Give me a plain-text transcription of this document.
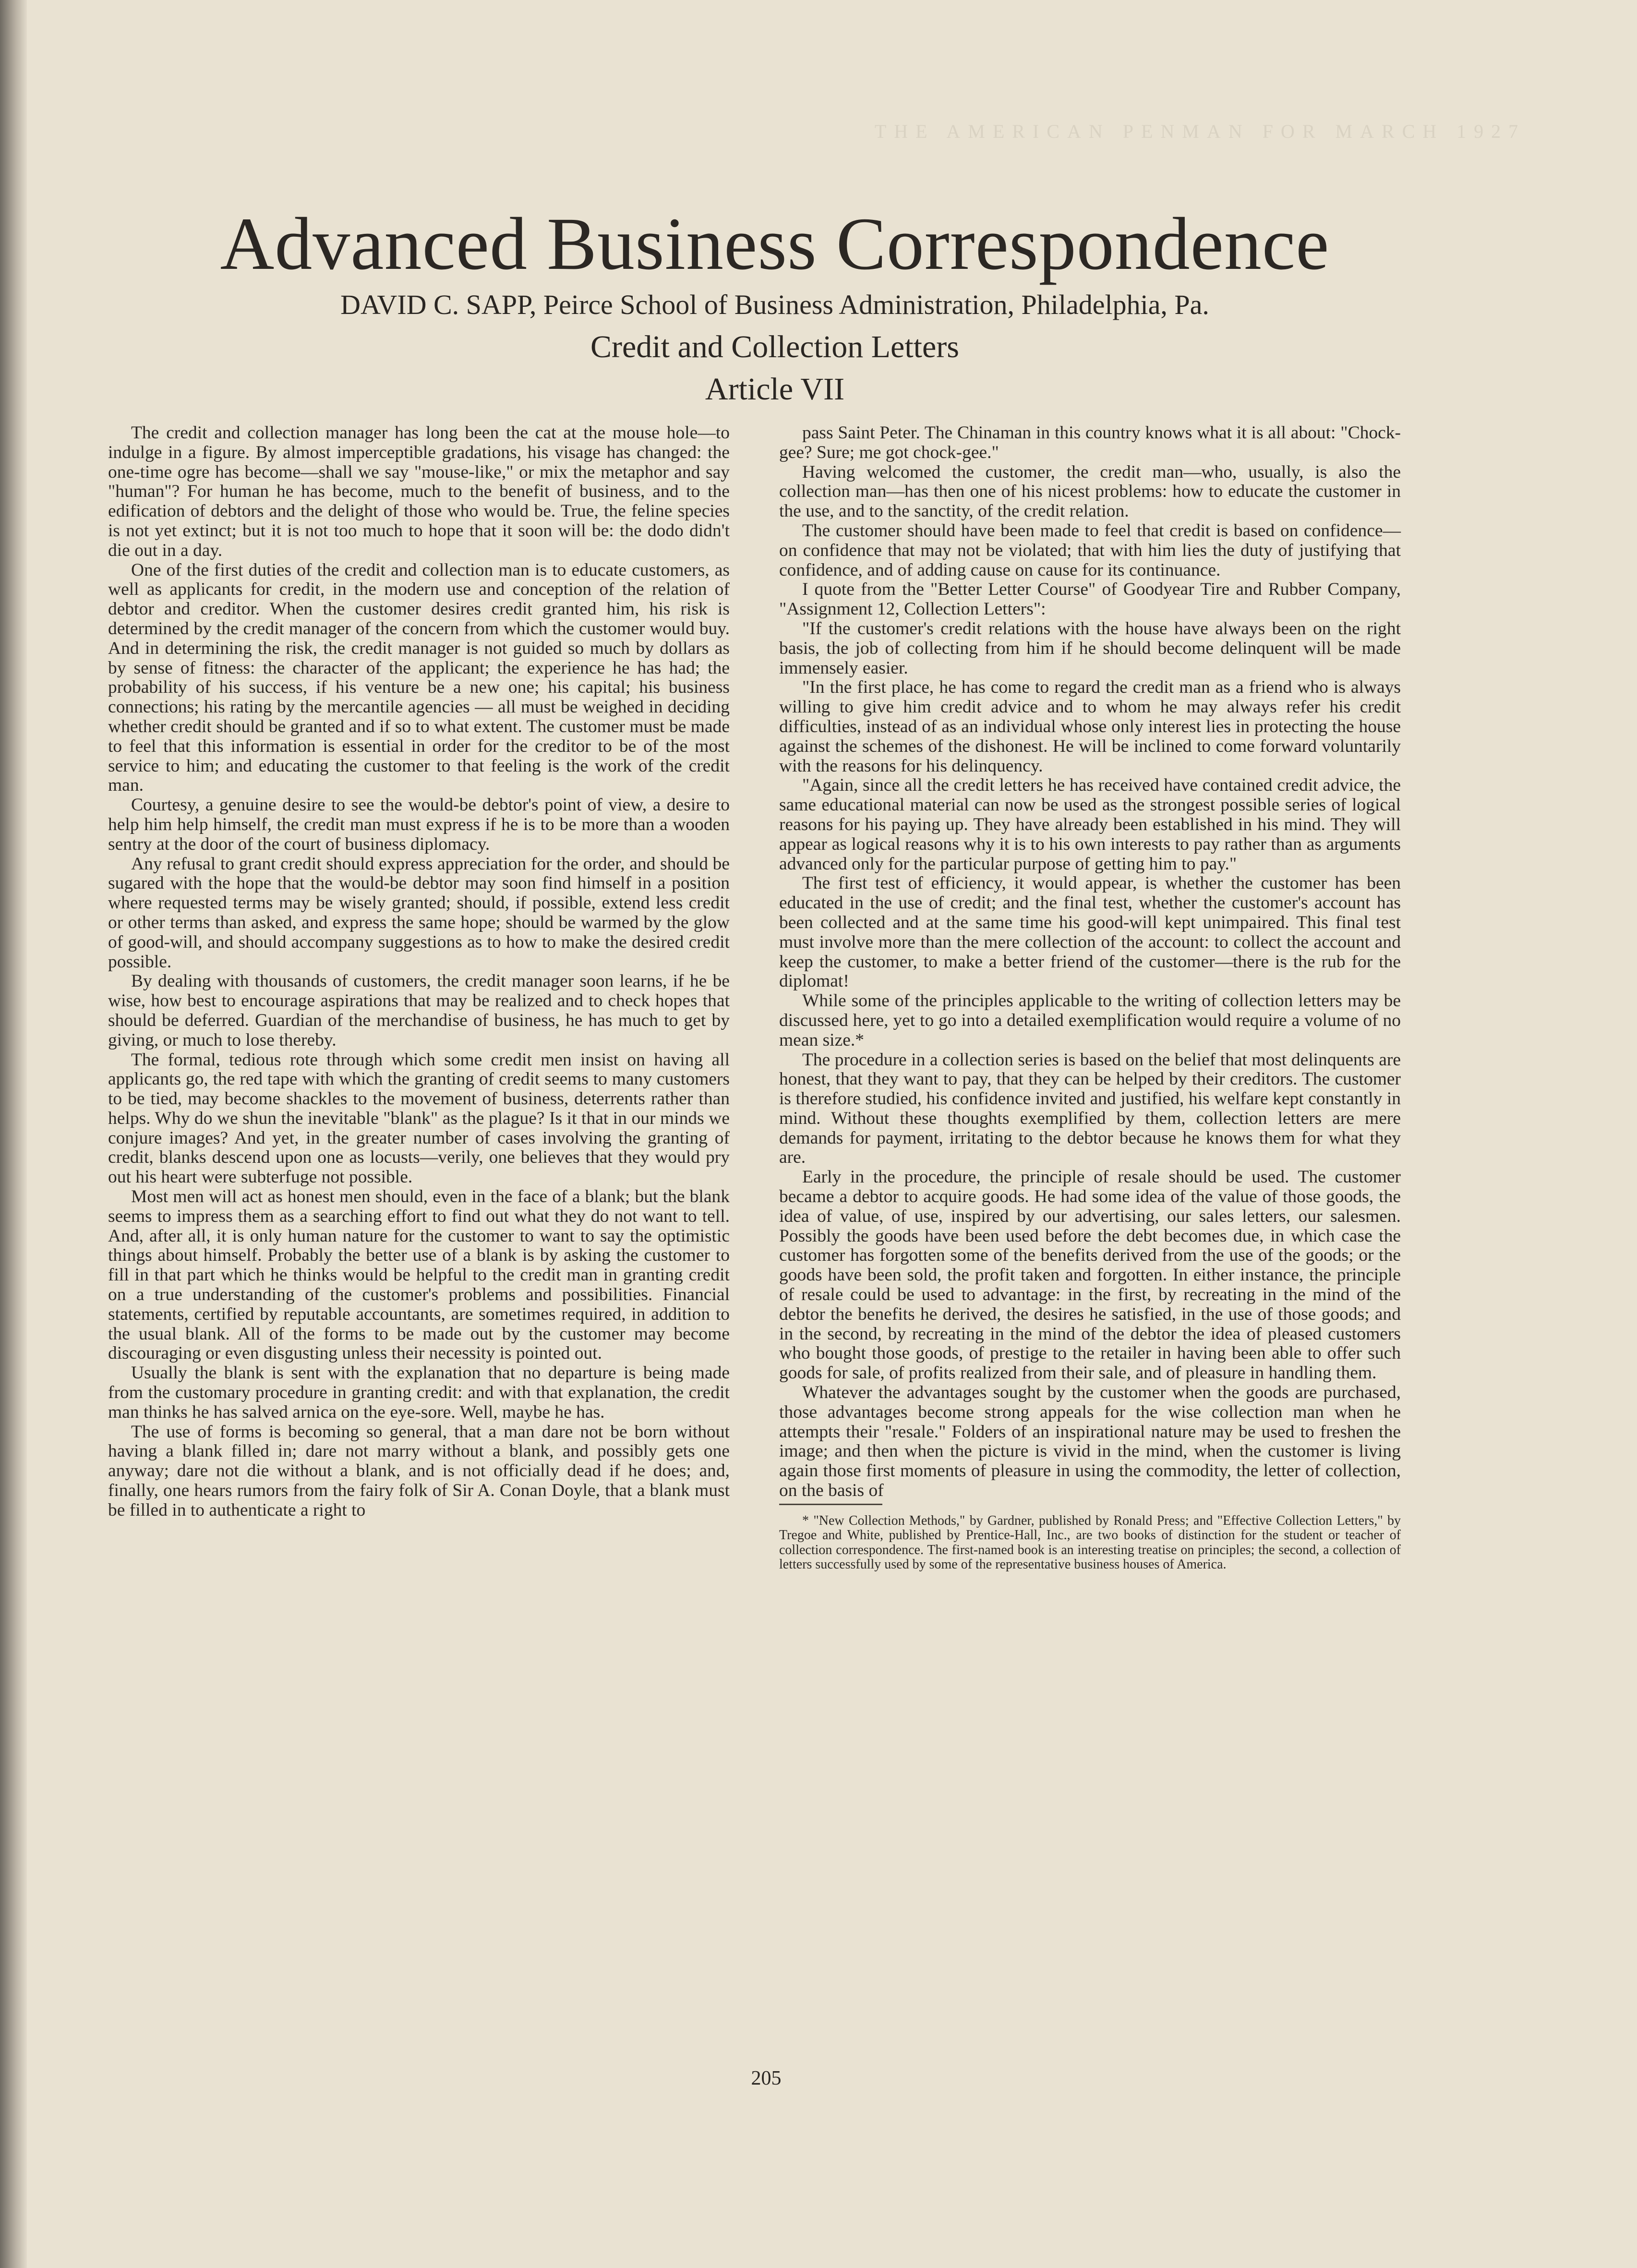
THE AMERICAN PENMAN FOR MARCH 1927
Advanced Business Correspondence
DAVID C. SAPP, Peirce School of Business Administration, Philadelphia, Pa.
Credit and Collection Letters
Article VII

The credit and collection manager has long been the cat at the mouse hole—to indulge in a figure. By almost imperceptible gradations, his visage has changed: the one-time ogre has become—shall we say "mouse-like," or mix the metaphor and say "human"? For human he has become, much to the benefit of business, and to the edification of debtors and the delight of those who would be. True, the feline species is not yet extinct; but it is not too much to hope that it soon will be: the dodo didn't die out in a day.

One of the first duties of the credit and collection man is to educate customers, as well as applicants for credit, in the modern use and conception of the relation of debtor and creditor. When the customer desires credit granted him, his risk is determined by the credit manager of the concern from which the customer would buy. And in determining the risk, the credit manager is not guided so much by dollars as by sense of fitness: the character of the applicant; the experience he has had; the probability of his success, if his venture be a new one; his capital; his business connections; his rating by the mercantile agencies — all must be weighed in deciding whether credit should be granted and if so to what extent. The customer must be made to feel that this information is essential in order for the creditor to be of the most service to him; and educating the customer to that feeling is the work of the credit man.

Courtesy, a genuine desire to see the would-be debtor's point of view, a desire to help him help himself, the credit man must express if he is to be more than a wooden sentry at the door of the court of business diplomacy.

Any refusal to grant credit should express appreciation for the order, and should be sugared with the hope that the would-be debtor may soon find himself in a position where requested terms may be wisely granted; should, if possible, extend less credit or other terms than asked, and express the same hope; should be warmed by the glow of good-will, and should accompany suggestions as to how to make the desired credit possible.

By dealing with thousands of customers, the credit manager soon learns, if he be wise, how best to encourage aspirations that may be realized and to check hopes that should be deferred. Guardian of the merchandise of business, he has much to get by giving, or much to lose thereby.

The formal, tedious rote through which some credit men insist on having all applicants go, the red tape with which the granting of credit seems to many customers to be tied, may become shackles to the movement of business, deterrents rather than helps. Why do we shun the inevitable "blank" as the plague? Is it that in our minds we conjure images? And yet, in the greater number of cases involving the granting of credit, blanks descend upon one as locusts—verily, one believes that they would pry out his heart were subterfuge not possible.

Most men will act as honest men should, even in the face of a blank; but the blank seems to impress them as a searching effort to find out what they do not want to tell. And, after all, it is only human nature for the customer to want to say the optimistic things about himself. Probably the better use of a blank is by asking the customer to fill in that part which he thinks would be helpful to the credit man in granting credit on a true understanding of the customer's problems and possibilities. Financial statements, certified by reputable accountants, are sometimes required, in addition to the usual blank. All of the forms to be made out by the customer may become discouraging or even disgusting unless their necessity is pointed out.

Usually the blank is sent with the explanation that no departure is being made from the customary procedure in granting credit: and with that explanation, the credit man thinks he has salved arnica on the eye-sore. Well, maybe he has.

The use of forms is becoming so general, that a man dare not be born without having a blank filled in; dare not marry without a blank, and possibly gets one anyway; dare not die without a blank, and is not officially dead if he does; and, finally, one hears rumors from the fairy folk of Sir A. Conan Doyle, that a blank must be filled in to authenticate a right to

pass Saint Peter. The Chinaman in this country knows what it is all about: "Chock-gee? Sure; me got chock-gee."

Having welcomed the customer, the credit man—who, usually, is also the collection man—has then one of his nicest problems: how to educate the customer in the use, and to the sanctity, of the credit relation.

The customer should have been made to feel that credit is based on confidence—on confidence that may not be violated; that with him lies the duty of justifying that confidence, and of adding cause on cause for its continuance.

I quote from the "Better Letter Course" of Goodyear Tire and Rubber Company, "Assignment 12, Collection Letters":

"If the customer's credit relations with the house have always been on the right basis, the job of collecting from him if he should become delinquent will be made immensely easier.

"In the first place, he has come to regard the credit man as a friend who is always willing to give him credit advice and to whom he may always refer his credit difficulties, instead of as an individual whose only interest lies in protecting the house against the schemes of the dishonest. He will be inclined to come forward voluntarily with the reasons for his delinquency.

"Again, since all the credit letters he has received have contained credit advice, the same educational material can now be used as the strongest possible series of logical reasons for his paying up. They have already been established in his mind. They will appear as logical reasons why it is to his own interests to pay rather than as arguments advanced only for the particular purpose of getting him to pay."

The first test of efficiency, it would appear, is whether the customer has been educated in the use of credit; and the final test, whether the customer's account has been collected and at the same time his good-will kept unimpaired. This final test must involve more than the mere collection of the account: to collect the account and keep the customer, to make a better friend of the customer—there is the rub for the diplomat!

While some of the principles applicable to the writing of collection letters may be discussed here, yet to go into a detailed exemplification would require a volume of no mean size.*

The procedure in a collection series is based on the belief that most delinquents are honest, that they want to pay, that they can be helped by their creditors. The customer is therefore studied, his confidence invited and justified, his welfare kept constantly in mind. Without these thoughts exemplified by them, collection letters are mere demands for payment, irritating to the debtor because he knows them for what they are.

Early in the procedure, the principle of resale should be used. The customer became a debtor to acquire goods. He had some idea of the value of those goods, the idea of value, of use, inspired by our advertising, our sales letters, our salesmen. Possibly the goods have been used before the debt becomes due, in which case the customer has forgotten some of the benefits derived from the use of the goods; or the goods have been sold, the profit taken and forgotten. In either instance, the principle of resale could be used to advantage: in the first, by recreating in the mind of the debtor the benefits he derived, the desires he satisfied, in the use of those goods; and in the second, by recreating in the mind of the debtor the idea of pleased customers who bought those goods, of prestige to the retailer in having been able to offer such goods for sale, of profits realized from their sale, and of pleasure in handling them.

Whatever the advantages sought by the customer when the goods are purchased, those advantages become strong appeals for the wise collection man when he attempts their "resale." Folders of an inspirational nature may be used to freshen the image; and then when the picture is vivid in the mind, when the customer is living again those first moments of pleasure in using the commodity, the letter of collection, on the basis of

* "New Collection Methods," by Gardner, published by Ronald Press; and "Effective Collection Letters," by Tregoe and White, published by Prentice-Hall, Inc., are two books of distinction for the student or teacher of collection correspondence. The first-named book is an interesting treatise on principles; the second, a collection of letters successfully used by some of the representative business houses of America.

205
